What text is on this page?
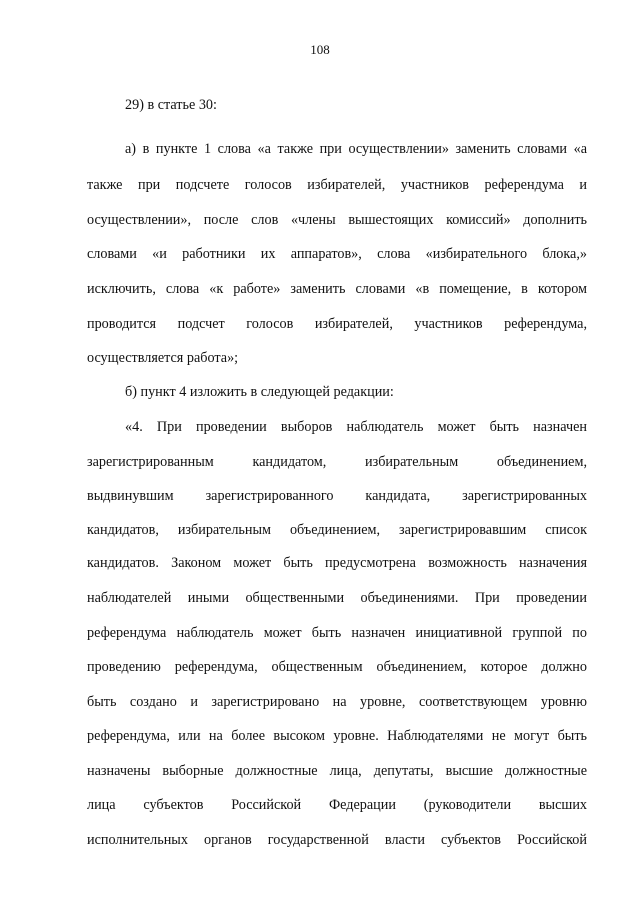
108
29) в статье 30:
а) в пункте 1 слова «а также при осуществлении» заменить словами «а
также при подсчете голосов избирателей, участников референдума и
осуществлении», после слов «члены вышестоящих комиссий» дополнить
словами «и работники их аппаратов», слова «избирательного блока,»
исключить, слова «к работе» заменить словами «в помещение, в котором
проводится подсчет голосов избирателей, участников референдума,
осуществляется работа»;
б) пункт 4 изложить в следующей редакции:
«4. При проведении выборов наблюдатель может быть назначен
зарегистрированным кандидатом, избирательным объединением,
выдвинувшим зарегистрированного кандидата, зарегистрированных
кандидатов, избирательным объединением, зарегистрировавшим список
кандидатов. Законом может быть предусмотрена возможность назначения
наблюдателей иными общественными объединениями. При проведении
референдума наблюдатель может быть назначен инициативной группой по
проведению референдума, общественным объединением, которое должно
быть создано и зарегистрировано на уровне, соответствующем уровню
референдума, или на более высоком уровне. Наблюдателями не могут быть
назначены выборные должностные лица, депутаты, высшие должностные
лица субъектов Российской Федерации (руководители высших
исполнительных органов государственной власти субъектов Российской
